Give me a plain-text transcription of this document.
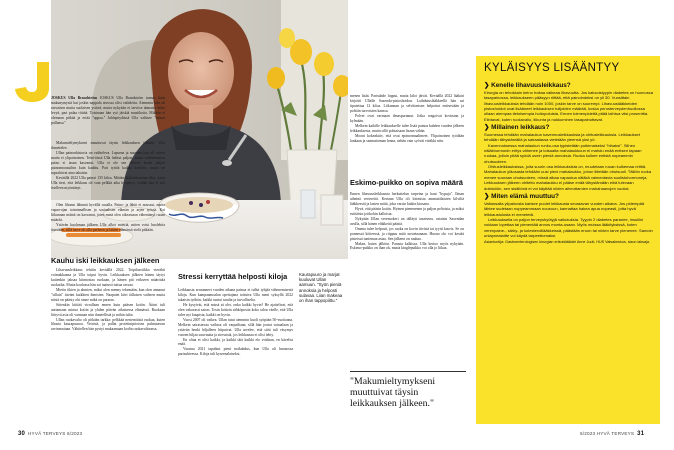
JOSKUS Ulla Brandström JOSKUS Ulla Brandström tunnas kuin makunymystä kai joskin nappula aivossa olisi vaihdettu. Aiemmin hän oli rasvaisen mutta suolaisen ystävä, mutta nykyään ei tarvitse ahmasta koko levyä, pari palaa riittää. Toisinaan hän syö jätskiä mustikoita. Mikään ei olemaan pitkää ja eriää "uppoa." Juhlapöydässä Ulla valitsee "nuinat pullansa."

Makumieltymykseni muuttuvat täysin leikkauksen jälkeen, Ulla ihmettelee.

Ullan painonhistoria on vaihteleva. Lapsena ja nuorena hän oli roteva mutta ei ylipainoinen. Teini-iässä Ulla laihtui paljon, mutta vanhemmiten paino ei tasan kasvanut. Ulla ei ole sen jälkeen kovin paljon painonnousuihin kuin kaahtu. Pari tyttöä kaikki kerittiin, mutta ne tupsahtivat aina takaisin.

Keväällä 2022 Ulla painoi 135 kiloa. Mitään lääkintävaraan ollut, joten Ulla tiesi, että leikkaus oli vain pelkkä aika kysymys, vaikka hän ei sitä itselleen myöntänyt.

Olen lihonut lähinnä hyvällä ruoalla. Paino- ja lähtö ei noussut, mutta vapaa-ajan toiminnallisen ja sosiaalisen elämän ja arjen työssä. Kai liikunnan määrä on kasvanut, joten minä olen oikeastaan vähentänyt ruoan määrää.

Ystävän kuoleman jälkeen Ulla alkoi miettiä, miten voisi huolehtia itsestään, sillä tarve oli olla perheen ja lasten elämässä vielä pitkään.

Kauhu iski leikkauksen jälkeen

Lihavuusleikkaus tehtiin keväällä 2022. Toipilasviikko vierähti voimakkaana ja Ulla toipui hyvin. Leikkauksen jälkeen hänen täytyi kuitenkin jaksaa kiinnostaa ruokaan, ja hänen piti erikseen määrittää ruokailut. Mutta koulussa hän sai taatusti tuttua rasvaa.

Mietin itkien ja ahmien, miksi olen menny tekemään, kun olen annanut "sillata" itseäni kaikkien ihmisten. Naaputet kävi tällaisen vaiheen mutta niistä on päästy ohi sinne mikä on parasta.

Sittenkin kiittää virrallaan ennen kuin pääsen kotiin. Äitini tuli auttamaan minua kotiin ja yhden päivän aikaisessa elämässä. Ruokaan liittyvä asia oli varmaan niin ihmeellistä ja mihin tulin.

Ullan ruokavalio oli pitkään tarkka: pelkkää nestemäistä ruokaa, kuten lihasta kaurapuuroa. Vetristä, ja pallat proteiinipitoisen pulmatavun ravinnostaan. Vähitellen hän pystyi mukaamaan kodin ruokavalioonsa.

Stressi kerryttää helposti kiloja

Leikkausta seuranneet vuoden aikana painoa ei tullut tyhjää vähenemisestä kiloja. Kun kampaamoalan opettajana toimiva Ulla meni syksyllä 2022 takaisin työhön, kaikki tuntui tutulta ja turvalliselta.

He kysyivät, että missä sä olet, onko kaikki hyvin? He ajattelivat, että olen vakavasti sairas. Tosin laittoin sähköpostia koko talon väelle, että Ulla tulee nyt kaupista, kaikki on hyvin.

Vuosi 2007 oli vaikea. Ullan tutut aiemmin kuoli syöpään 50-vuotiaana. Melkein sairastavaa vaihtoa oli varpailtaan, sillä hän joutui sairaalaan ja ystävän henki hiljalleen hiipuivat. Ulla arvelee, että siitä tuli väsymys vuoren hiljaa suuvuutta ja stressistä, jos leikkausta ei olisi tehty.

En oltua ei olisi kaikki, ja kaikki tätä kaikki elo voidaan, en kävelisi enää.

Vuonna 2021 tapahtui pieni notkahdus, kun Ulla oli huonossa parisuhteessa. Kiloja tuli kyseenalaiseksi.

Kaurapuuro ja marjat kuuluvat Ullan aamuun. "Syön pieniä annoksia ja helposti sulavaa. Liian makeaa on ihan tappopiittu."

menen lisää. Parisuhde loppui, mutta kilot jäivät. Keväällä 2022 lääkäri kirjoitti Ullalle Saxenda-pistoshoidon. Laihdutuslääkkeellä hän sai tiputettua 12 kiloa. Liikunnan ja selvitimisen helpottui entisestään ja pohtiin turvoisten kanssa.

Polvet ovat varmaan ilmaspurtanut. Jotka reagoivat kovinaan ja kylmään.

Melkein kaikille leikkaukselle tulee lisää painoa kahden vuoden jälkeen leikkauksesta, mutta sillä pohtaisaan lisaan vähän.

Mooni kokeaktiiv, että ovat epänormaalimeet. Ylipainoinen työdään lankaan ja saamattoman lenna, nehän vain syövät vieäkki niin.

Eskimo-puikko on sopiva määrä

Ennen lihavuusleikkausta herkuttelun tarpeina ja haut "hypuja". Ilman aiheinä vertereitä. Kertaan Ulla oli loitmista ammattilaisten kilviltä lääkkeestä ja lasten miitä, joka varsin kaikin kiusana.

Hyvä, että pääsin kotiin. Hyinen pienenenen ja paljon peltoista, ja miksi esittäisin joitkohin kalloista.

Nykyään Ullan verensokeri on tälläyti tasaisena, ostaisin Saxendan avulla, sillä hänen eläkkeitä päästä.

Omena tulee helposti, jos ruoka on kovin tiivistä tai tyytti kasvis. Se on ponnessä köiteessä, ja riippuu mitä nostetaanaan. Huono olo voi kestää pisteissä tuntemaa asiaa. Sen jälkeen on rauhaa.

Makea, kuten jälkiön. Parasta kalkissa. Ulla kertoo myös nykyään. Eskimo-puikko on ihan ok, mutta kinglepuikko voi olla jo liikaa.

"Makumieltymykseni muuttuivat täysin leikkauksen jälkeen."
KYLÄISYYS LISÄÄNTYY
❯ Kenelle lihavuusleikkaus?

Kirurgia on tehokkain keino hoitaa vaikeaa lihavuutta. Jos kaksoistyypin diabetes on huonossa tasapainossa, leikkaukseen pääsyyn riittää, että painoindeksi on yli 30. Vuosittain lihavuusleikkauksia tehdään noin 1000, joskin tarve on suurempi. Lihavuuslääkkeiden pistoshoidot ovat lisääneet leikkauksen tulijoiden määrää, koska perusterveydenhuollossa ollaan aiempaa tietoisempia hoitopoluista. Ennen toimenpidettä pitää laihtua viisi prosenttia. Elintavat, kuten ruokavalio, liikunta ja nukkuminen tasapainottavat.

❯ Millainen leikkaus?

Suomessa tehdään mahalaukun kavennusleikkauksia ja ohitusleikkauksia. Leikkaukset tehdään tähystämällä ja sairaalassa vietetään yleensä yksi yö.

Kavennuksessa mahalaukun runko-osa typistetään putkimaiseksi "hihaksi". Siihen näläkhormonin eritys vähenee ja toisaalta mahalaukkuun ei mahdu enää entisen tapaan ruokaa, jolloin pitää syödä usein pieniä annoksia. Ruoka kulkee entistä nopeammin ohutsuoleen.

Ohitusleikkauksissa, joita suurin osa leikkauksista on, muutetaan ruoan kulkemaa reittiä. Mahalaukun yläosasta tehdään uusi pieni mahalaukku, johon liitetään ohutsuoli. Tällöin ruoka menee suoraan ohutsuoleen, missä alkaa vapautua näläkä vaimentavia suolistohormoneja. Leikkauksen jälkeen ohitettu mahalaukku ei pääse enää tähystämään eikä tulevaan duktsiöön, sen sisältönä ei voi käyttää niiden aiheuttamien mahahaavojen vuoksi.

❯ Miten elämä muuttuu?

Valtaosalla ylipainosta karisee puolet leikkausta seuraavan vuoden aikana. Jos pidempää lähtee sudetaan noppeammaan nousuun, kannattaa hakea apua nopeasti, jotta hyvä leikkaustulosta ei menetetä.

Leikkauksella on paljon terveyshyötyjä vaikutuksia. Tyypin 2 diabetes paranee, insuliini voidaan lopettaa tai pienentää annos monta-osaan. Myös muissa lääkityksissä, kuten verenpaine-, särky- ja kolesterolilääkkeissä, päästään eroon tai niiden tarve pienenee. Samoin uniapnealaitte voi käydä tarpeettomaksi.

Asiantuntija: Gastroenterologisen kirurgian erikoislääkäri Anne Juuti, HUS Vatsakeskus, sisun iaksaja.

30 HYVÄ TERVEYS 6/2023	6/2023 HYVÄ TERVEYS 31
